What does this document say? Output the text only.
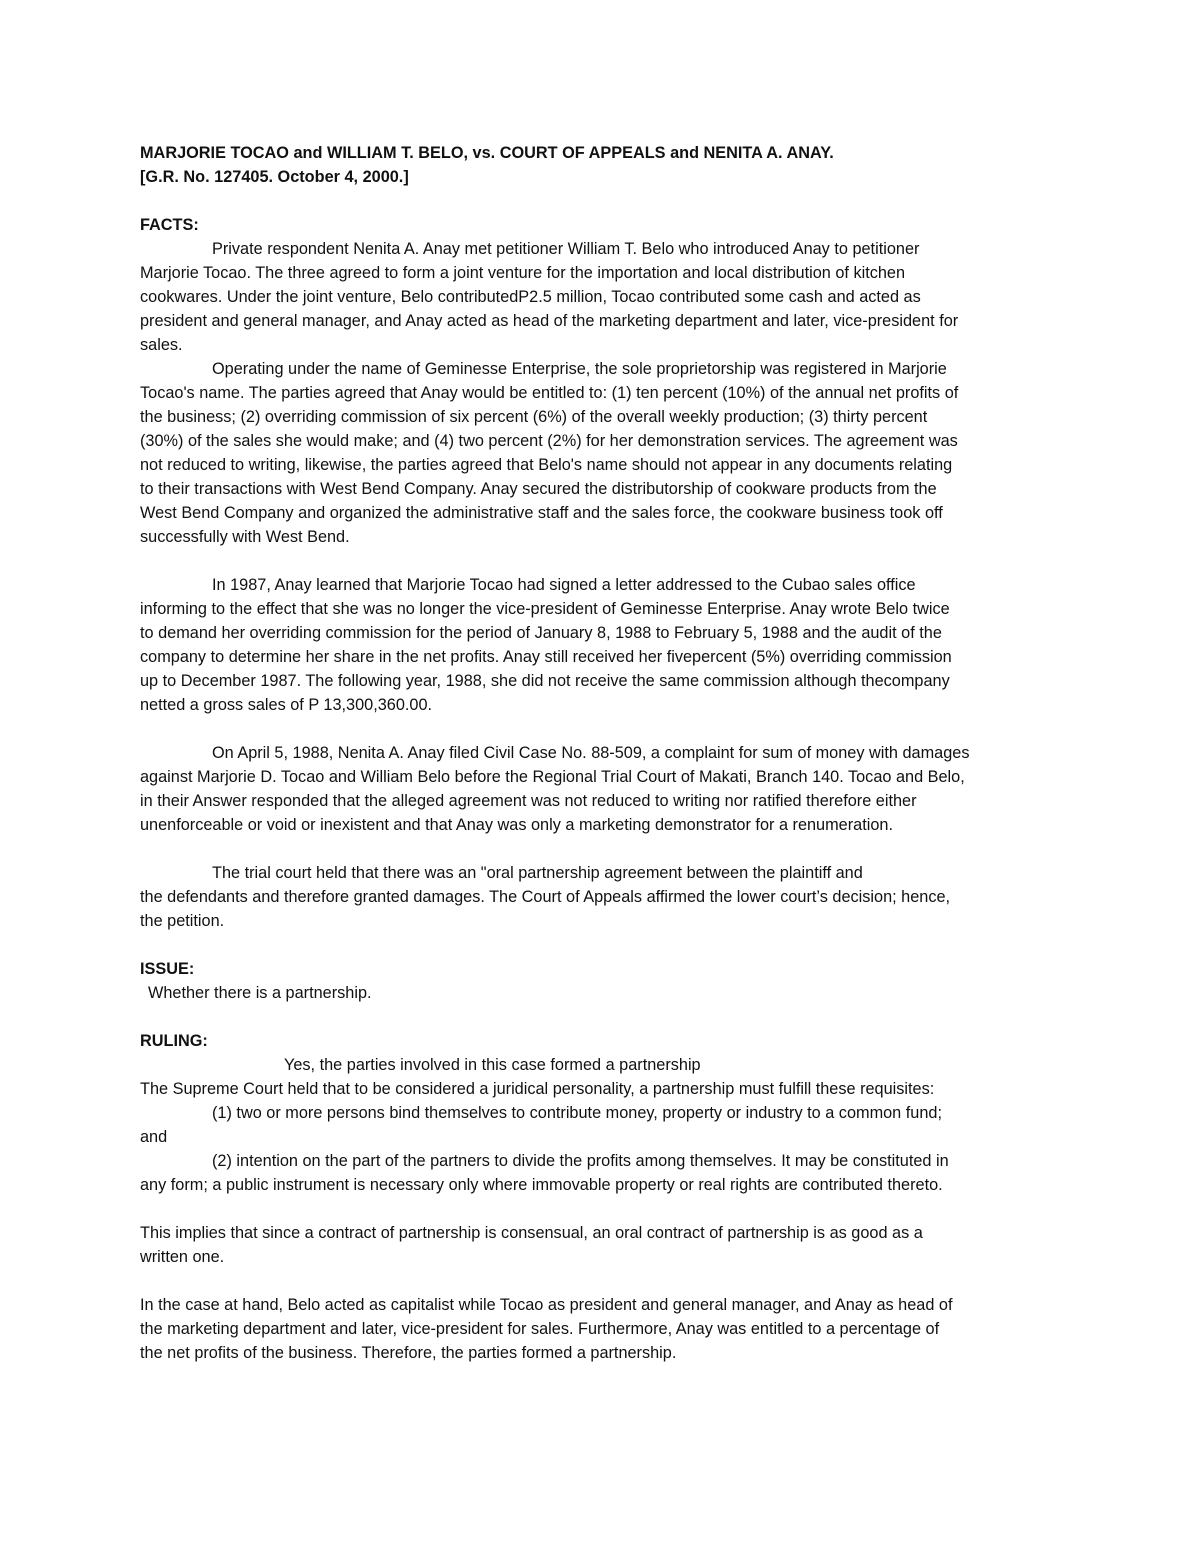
MARJORIE TOCAO and WILLIAM T. BELO, vs. COURT OF APPEALS and NENITA A. ANAY.
[G.R. No. 127405. October 4, 2000.]
FACTS:
Private respondent Nenita A. Anay met petitioner William T. Belo who introduced Anay to petitioner
Marjorie Tocao. The three agreed to form a joint venture for the importation and local distribution of kitchen
cookwares. Under the joint venture, Belo contributedP2.5 million, Tocao contributed some cash and acted as
president and general manager, and Anay acted as head of the marketing department and later, vice-president for
sales.
Operating under the name of Geminesse Enterprise, the sole proprietorship was registered in Marjorie
Tocao's name. The parties agreed that Anay would be entitled to: (1) ten percent (10%) of the annual net profits of
the business; (2) overriding commission of six percent (6%) of the overall weekly production; (3) thirty percent
(30%) of the sales she would make; and (4) two percent (2%) for her demonstration services. The agreement was
not reduced to writing, likewise, the parties agreed that Belo's name should not appear in any documents relating
to their transactions with West Bend Company. Anay secured the distributorship of cookware products from the
West Bend Company and organized the administrative staff and the sales force, the cookware business took off
successfully with West Bend.
In 1987, Anay learned that Marjorie Tocao had signed a letter addressed to the Cubao sales office
informing to the effect that she was no longer the vice-president of Geminesse Enterprise. Anay wrote Belo twice
to demand her overriding commission for the period of January 8, 1988 to February 5, 1988 and the audit of the
company to determine her share in the net profits. Anay still received her fivepercent (5%) overriding commission
up to December 1987. The following year, 1988, she did not receive the same commission although thecompany
netted a gross sales of P 13,300,360.00.
On April 5, 1988, Nenita A. Anay filed Civil Case No. 88-509, a complaint for sum of money with damages
against Marjorie D. Tocao and William Belo before the Regional Trial Court of Makati, Branch 140. Tocao and Belo,
in their Answer responded that the alleged agreement was not reduced to writing nor ratified therefore either
unenforceable or void or inexistent and that Anay was only a marketing demonstrator for a renumeration.
The trial court held that there was an "oral partnership agreement between the plaintiff and
the defendants and therefore granted damages. The Court of Appeals affirmed the lower court’s decision; hence,
the petition.
ISSUE:
Whether there is a partnership.
RULING:
Yes, the parties involved in this case formed a partnership
The Supreme Court held that to be considered a juridical personality, a partnership must fulfill these requisites:
(1) two or more persons bind themselves to contribute money, property or industry to a common fund;
and
(2) intention on the part of the partners to divide the profits among themselves. It may be constituted in
any form; a public instrument is necessary only where immovable property or real rights are contributed thereto.
This implies that since a contract of partnership is consensual, an oral contract of partnership is as good as a
written one.
In the case at hand, Belo acted as capitalist while Tocao as president and general manager, and Anay as head of
the marketing department and later, vice-president for sales. Furthermore, Anay was entitled to a percentage of
the net profits of the business. Therefore, the parties formed a partnership.
